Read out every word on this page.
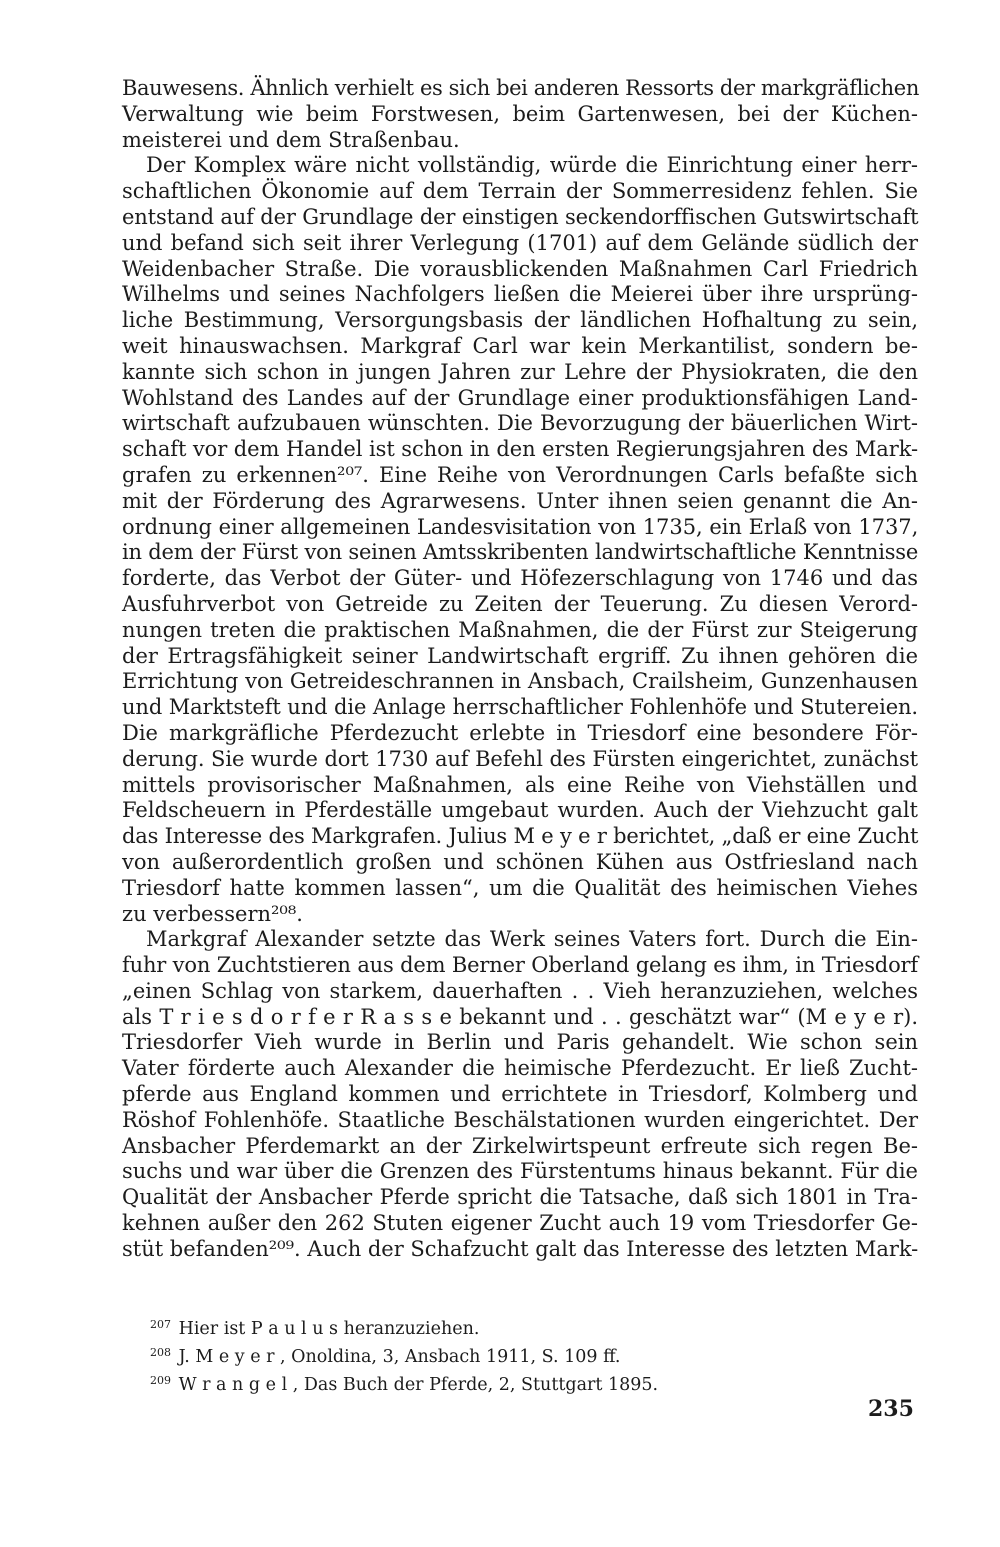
Bauwesens. Ähnlich verhielt es sich bei anderen Ressorts der markgräflichen
Verwaltung wie beim Forstwesen, beim Gartenwesen, bei der Küchen-
meisterei und dem Straßenbau.
Der Komplex wäre nicht vollständig, würde die Einrichtung einer herr-
schaftlichen Ökonomie auf dem Terrain der Sommerresidenz fehlen. Sie
entstand auf der Grundlage der einstigen seckendorffischen Gutswirtschaft
und befand sich seit ihrer Verlegung (1701) auf dem Gelände südlich der
Weidenbacher Straße. Die vorausblickenden Maßnahmen Carl Friedrich
Wilhelms und seines Nachfolgers ließen die Meierei über ihre ursprüng-
liche Bestimmung, Versorgungsbasis der ländlichen Hofhaltung zu sein,
weit hinauswachsen. Markgraf Carl war kein Merkantilist, sondern be-
kannte sich schon in jungen Jahren zur Lehre der Physiokraten, die den
Wohlstand des Landes auf der Grundlage einer produktionsfähigen Land-
wirtschaft aufzubauen wünschten. Die Bevorzugung der bäuerlichen Wirt-
schaft vor dem Handel ist schon in den ersten Regierungsjahren des Mark-
grafen zu erkennen²⁰⁷. Eine Reihe von Verordnungen Carls befaßte sich
mit der Förderung des Agrarwesens. Unter ihnen seien genannt die An-
ordnung einer allgemeinen Landesvisitation von 1735, ein Erlaß von 1737,
in dem der Fürst von seinen Amtsskribenten landwirtschaftliche Kenntnisse
forderte, das Verbot der Güter- und Höfezerschlagung von 1746 und das
Ausfuhrverbot von Getreide zu Zeiten der Teuerung. Zu diesen Verord-
nungen treten die praktischen Maßnahmen, die der Fürst zur Steigerung
der Ertragsfähigkeit seiner Landwirtschaft ergriff. Zu ihnen gehören die
Errichtung von Getreideschrannen in Ansbach, Crailsheim, Gunzenhausen
und Marktsteft und die Anlage herrschaftlicher Fohlenhöfe und Stutereien.
Die markgräfliche Pferdezucht erlebte in Triesdorf eine besondere För-
derung. Sie wurde dort 1730 auf Befehl des Fürsten eingerichtet, zunächst
mittels provisorischer Maßnahmen, als eine Reihe von Viehställen und
Feldscheuern in Pferdeställe umgebaut wurden. Auch der Viehzucht galt
das Interesse des Markgrafen. Julius M e y e r berichtet, „daß er eine Zucht
von außerordentlich großen und schönen Kühen aus Ostfriesland nach
Triesdorf hatte kommen lassen“, um die Qualität des heimischen Viehes
zu verbessern²⁰⁸.
Markgraf Alexander setzte das Werk seines Vaters fort. Durch die Ein-
fuhr von Zuchtstieren aus dem Berner Oberland gelang es ihm, in Triesdorf
„einen Schlag von starkem, dauerhaften . . Vieh heranzuziehen, welches
als T r i e s d o r f e r R a s s e bekannt und . . geschätzt war“ (M e y e r).
Triesdorfer Vieh wurde in Berlin und Paris gehandelt. Wie schon sein
Vater förderte auch Alexander die heimische Pferdezucht. Er ließ Zucht-
pferde aus England kommen und errichtete in Triesdorf, Kolmberg und
Röshof Fohlenhöfe. Staatliche Beschälstationen wurden eingerichtet. Der
Ansbacher Pferdemarkt an der Zirkelwirtspeunt erfreute sich regen Be-
suchs und war über die Grenzen des Fürstentums hinaus bekannt. Für die
Qualität der Ansbacher Pferde spricht die Tatsache, daß sich 1801 in Tra-
kehnen außer den 262 Stuten eigener Zucht auch 19 vom Triesdorfer Ge-
stüt befanden²⁰⁹. Auch der Schafzucht galt das Interesse des letzten Mark-
$^{207}$ Hier ist P a u l u s heranzuziehen.
$^{208}$ J. M e y e r , Onoldina, 3, Ansbach 1911, S. 109 ff.
$^{209}$ W r a n g e l , Das Buch der Pferde, 2, Stuttgart 1895.
235
